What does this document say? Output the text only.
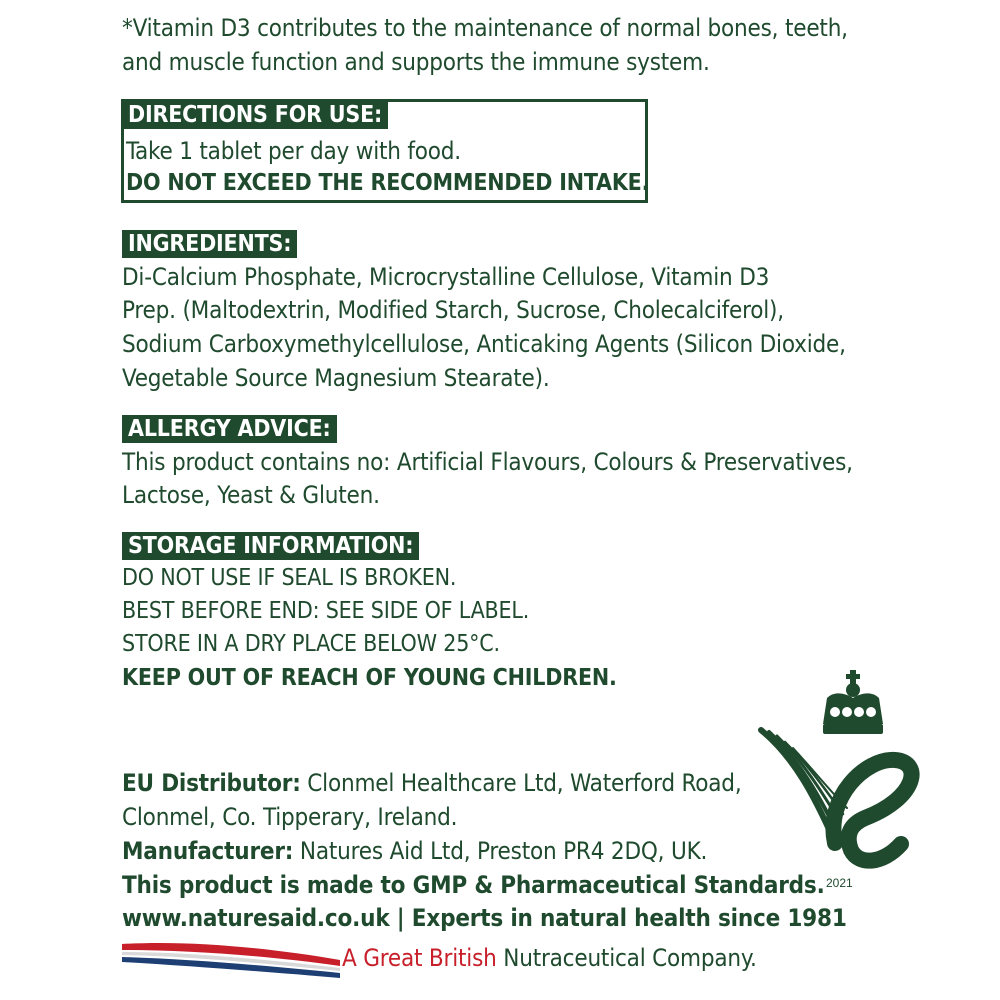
*Vitamin D3 contributes to the maintenance of normal bones, teeth,
and muscle function and supports the immune system.
DIRECTIONS FOR USE:
Take 1 tablet per day with food.
DO NOT EXCEED THE RECOMMENDED INTAKE.
INGREDIENTS:
Di-Calcium Phosphate, Microcrystalline Cellulose, Vitamin D3
Prep. (Maltodextrin, Modified Starch, Sucrose, Cholecalciferol),
Sodium Carboxymethylcellulose, Anticaking Agents (Silicon Dioxide,
Vegetable Source Magnesium Stearate).
ALLERGY ADVICE:
This product contains no: Artificial Flavours, Colours & Preservatives,
Lactose, Yeast & Gluten.
STORAGE INFORMATION:
DO NOT USE IF SEAL IS BROKEN.
BEST BEFORE END: SEE SIDE OF LABEL.
STORE IN A DRY PLACE BELOW 25°C.
KEEP OUT OF REACH OF YOUNG CHILDREN.
EU Distributor: Clonmel Healthcare Ltd, Waterford Road,
Clonmel, Co. Tipperary, Ireland.
Manufacturer: Natures Aid Ltd, Preston PR4 2DQ, UK.
This product is made to GMP & Pharmaceutical Standards.
www.naturesaid.co.uk | Experts in natural health since 1981
A Great British Nutraceutical Company.
2021
